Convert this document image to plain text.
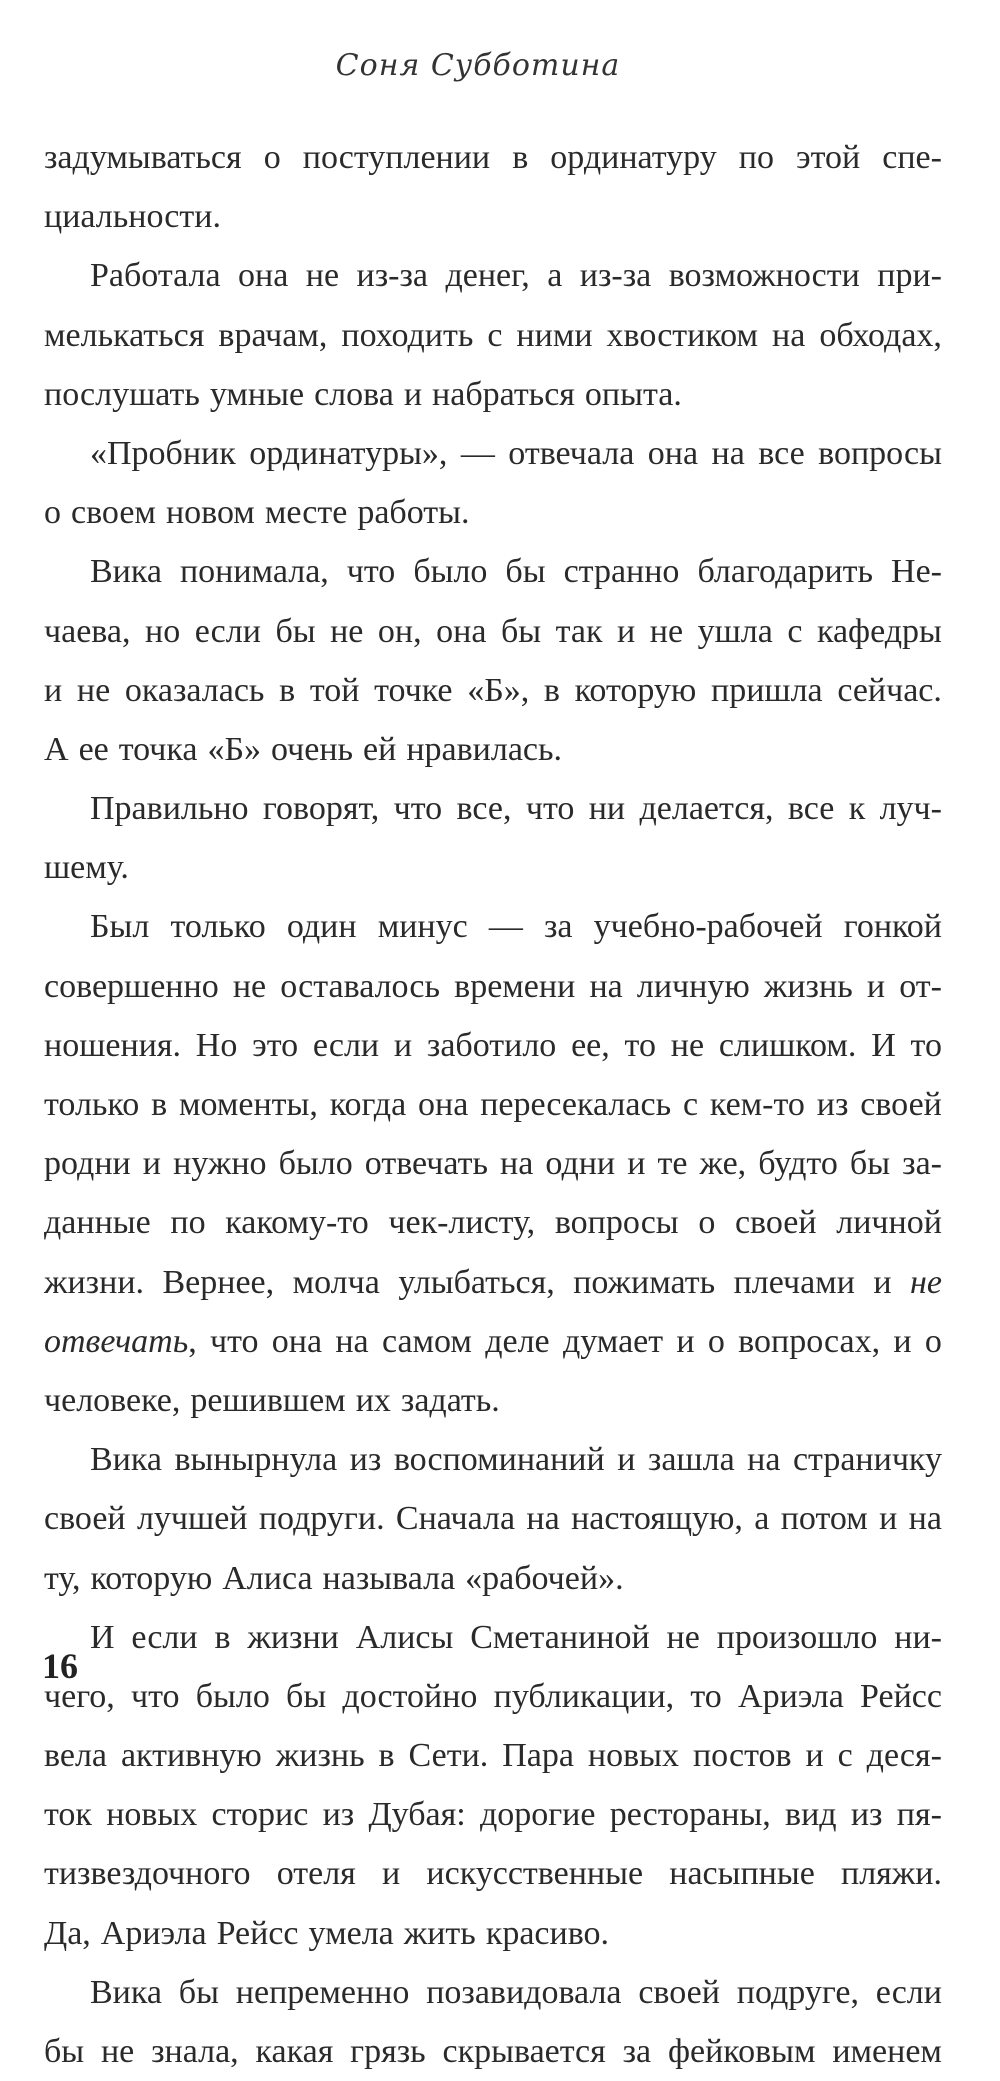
Соня Субботина
задумываться о поступлении в ординатуру по этой спе-
циальности.
Работала она не из-за денег, а из-за возможности при-
мелькаться врачам, походить с ними хвостиком на обходах,
послушать умные слова и набраться опыта.
«Пробник ординатуры», — отвечала она на все вопросы
о своем новом месте работы.
Вика понимала, что было бы странно благодарить Не-
чаева, но если бы не он, она бы так и не ушла с кафедры
и не оказалась в той точке «Б», в которую пришла сейчас.
А ее точка «Б» очень ей нравилась.
Правильно говорят, что все, что ни делается, все к луч-
шему.
Был только один минус — за учебно-рабочей гонкой
совершенно не оставалось времени на личную жизнь и от-
ношения. Но это если и заботило ее, то не слишком. И то
только в моменты, когда она пересекалась с кем-то из своей
родни и нужно было отвечать на одни и те же, будто бы за-
данные по какому-то чек-листу, вопросы о своей личной
жизни. Вернее, молча улыбаться, пожимать плечами и не
отвечать, что она на самом деле думает и о вопросах, и о
человеке, решившем их задать.
Вика вынырнула из воспоминаний и зашла на страничку
своей лучшей подруги. Сначала на настоящую, а потом и на
ту, которую Алиса называла «рабочей».
И если в жизни Алисы Сметаниной не произошло ни-
чего, что было бы достойно публикации, то Ариэла Рейсс
вела активную жизнь в Сети. Пара новых постов и с деся-
ток новых сторис из Дубая: дорогие рестораны, вид из пя-
тизвездочного отеля и искусственные насыпные пляжи.
Да, Ариэла Рейсс умела жить красиво.
Вика бы непременно позавидовала своей подруге, если
бы не знала, какая грязь скрывается за фейковым именем
16
